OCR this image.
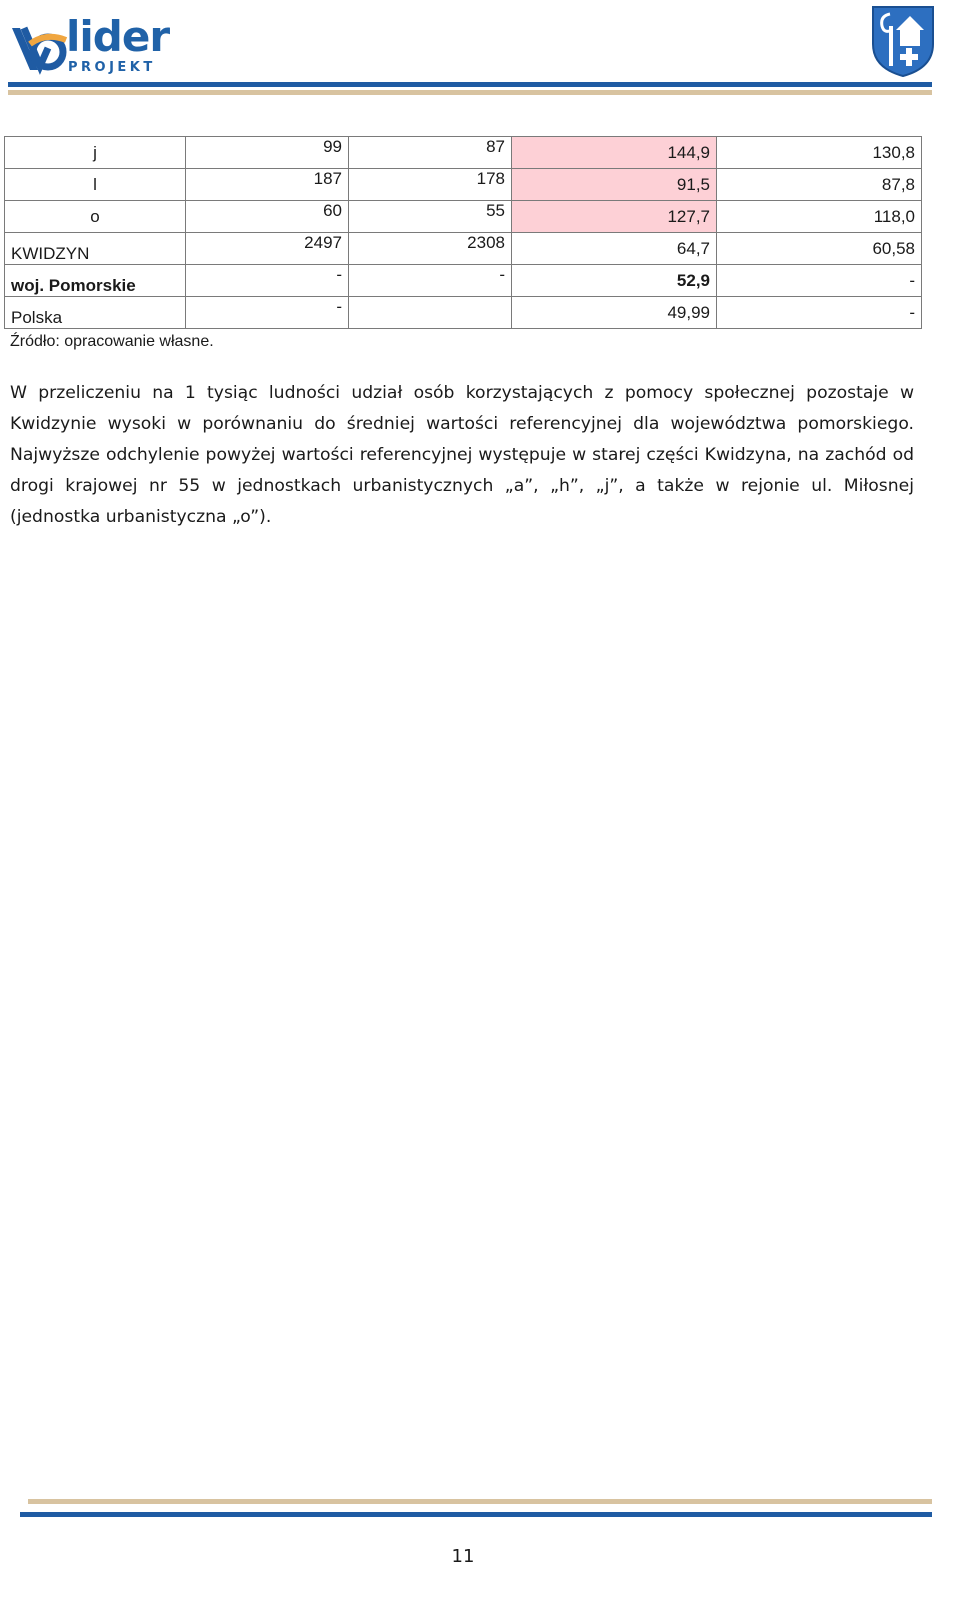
lider
PROJEKT
j	99	87	144,9	130,8
l	187	178	91,5	87,8
o	60	55	127,7	118,0
KWIDZYN	2497	2308	64,7	60,58
woj. Pomorskie	-	-	52,9	-
Polska	-		49,99	-
Źródło: opracowanie własne.

W przeliczeniu na 1 tysiąc ludności udział osób korzystających z pomocy społecznej pozostaje w Kwidzynie wysoki w porównaniu do średniej wartości referencyjnej dla województwa pomorskiego. Najwyższe odchylenie powyżej wartości referencyjnej występuje w starej części Kwidzyna, na zachód od drogi krajowej nr 55 w jednostkach urbanistycznych „a”, „h”, „j”, a także w rejonie ul. Miłosnej (jednostka urbanistyczna „o”).

11
